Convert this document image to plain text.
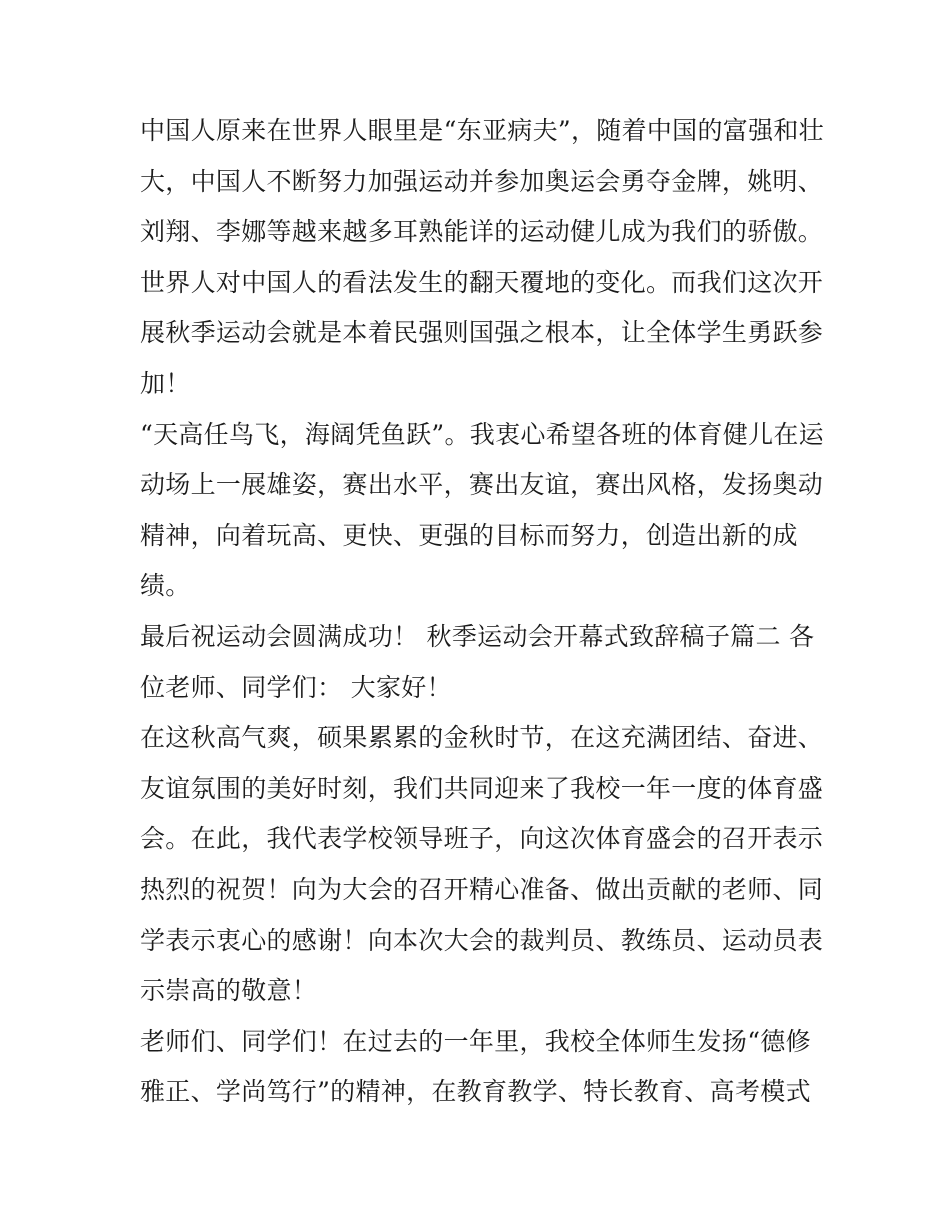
中国人原来在世界人眼里是“东亚病夫”，随着中国的富强和壮
大，中国人不断努力加强运动并参加奥运会勇夺金牌，姚明、
刘翔、李娜等越来越多耳熟能详的运动健儿成为我们的骄傲。
世界人对中国人的看法发生的翻天覆地的变化。而我们这次开
展秋季运动会就是本着民强则国强之根本，让全体学生勇跃参
加！
“天高任鸟飞，海阔凭鱼跃”。我衷心希望各班的体育健儿在运
动场上一展雄姿，赛出水平，赛出友谊，赛出风格，发扬奥动
精神，向着玩高、更快、更强的目标而努力，创造出新的成
绩。
最后祝运动会圆满成功！ 秋季运动会开幕式致辞稿子篇二 各
位老师、同学们： 大家好！
在这秋高气爽，硕果累累的金秋时节，在这充满团结、奋进、
友谊氛围的美好时刻，我们共同迎来了我校一年一度的体育盛
会。在此，我代表学校领导班子，向这次体育盛会的召开表示
热烈的祝贺！向为大会的召开精心准备、做出贡献的老师、同
学表示衷心的感谢！向本次大会的裁判员、教练员、运动员表
示崇高的敬意！
老师们、同学们！在过去的一年里，我校全体师生发扬“德修
雅正、学尚笃行”的精神，在教育教学、特长教育、高考模式
